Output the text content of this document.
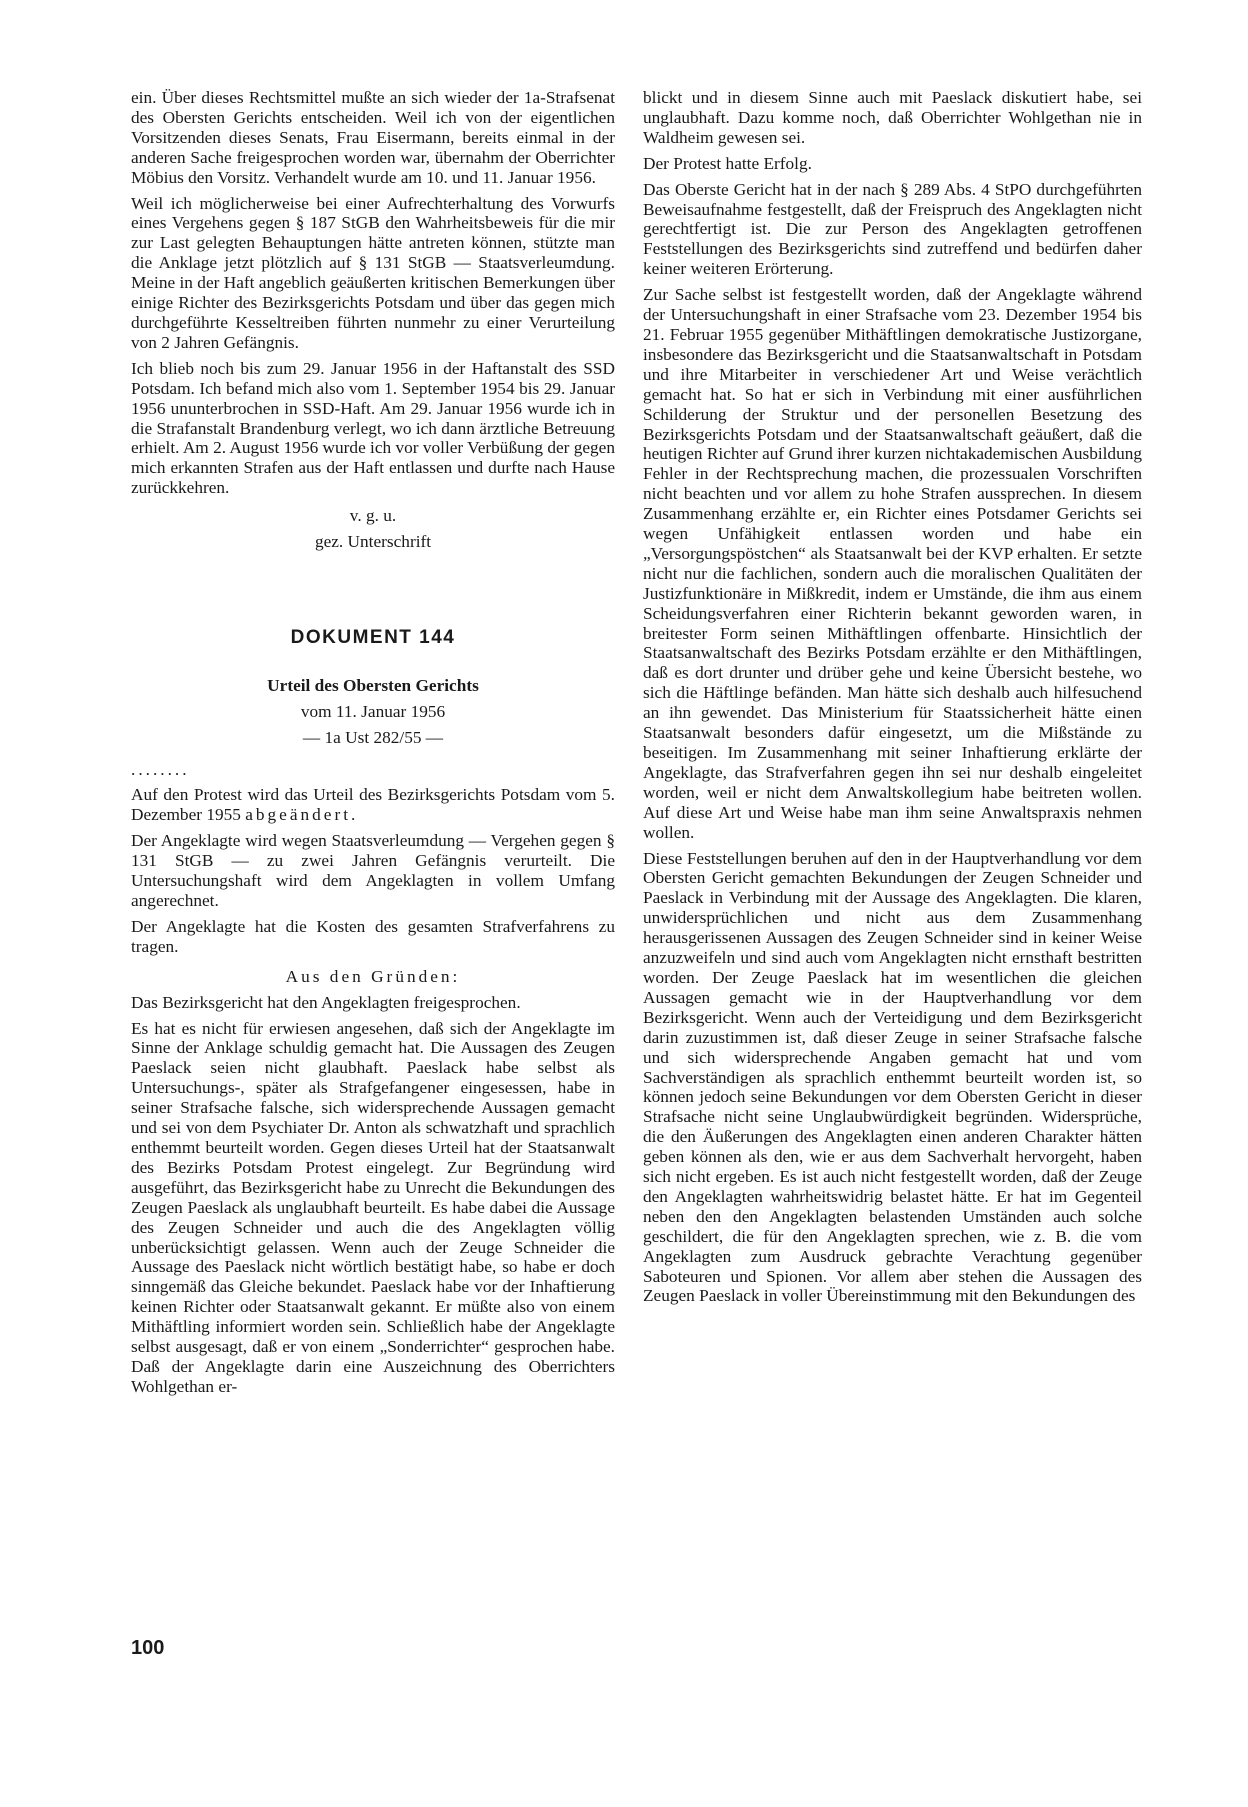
ein. Über dieses Rechtsmittel mußte an sich wieder der 1a-Strafsenat des Obersten Gerichts entscheiden. Weil ich von der eigentlichen Vorsitzenden dieses Senats, Frau Eisermann, bereits einmal in der anderen Sache freigesprochen worden war, übernahm der Oberrichter Möbius den Vorsitz. Verhandelt wurde am 10. und 11. Januar 1956.

Weil ich möglicherweise bei einer Aufrechterhaltung des Vorwurfs eines Vergehens gegen § 187 StGB den Wahrheitsbeweis für die mir zur Last gelegten Behauptungen hätte antreten können, stützte man die Anklage jetzt plötzlich auf § 131 StGB — Staatsverleumdung. Meine in der Haft angeblich geäußerten kritischen Bemerkungen über einige Richter des Bezirksgerichts Potsdam und über das gegen mich durchgeführte Kesseltreiben führten nunmehr zu einer Verurteilung von 2 Jahren Gefängnis.

Ich blieb noch bis zum 29. Januar 1956 in der Haftanstalt des SSD Potsdam. Ich befand mich also vom 1. September 1954 bis 29. Januar 1956 ununterbrochen in SSD-Haft. Am 29. Januar 1956 wurde ich in die Strafanstalt Brandenburg verlegt, wo ich dann ärztliche Betreuung erhielt. Am 2. August 1956 wurde ich vor voller Verbüßung der gegen mich erkannten Strafen aus der Haft entlassen und durfte nach Hause zurückkehren.

v. g. u.
gez. Unterschrift
DOKUMENT 144

Urteil des Obersten Gerichts

vom 11. Januar 1956

— 1a Ust 282/55 —

........

Auf den Protest wird das Urteil des Bezirksgerichts Potsdam vom 5. Dezember 1955 abgeändert.

Der Angeklagte wird wegen Staatsverleumdung — Vergehen gegen § 131 StGB — zu zwei Jahren Gefängnis verurteilt. Die Untersuchungshaft wird dem Angeklagten in vollem Umfang angerechnet.

Der Angeklagte hat die Kosten des gesamten Strafverfahrens zu tragen.

Aus den Gründen:

Das Bezirksgericht hat den Angeklagten freigesprochen.

Es hat es nicht für erwiesen angesehen, daß sich der Angeklagte im Sinne der Anklage schuldig gemacht hat. Die Aussagen des Zeugen Paeslack seien nicht glaubhaft. Paeslack habe selbst als Untersuchungs-, später als Strafgefangener eingesessen, habe in seiner Strafsache falsche, sich widersprechende Aussagen gemacht und sei von dem Psychiater Dr. Anton als schwatzhaft und sprachlich enthemmt beurteilt worden. Gegen dieses Urteil hat der Staatsanwalt des Bezirks Potsdam Protest eingelegt. Zur Begründung wird ausgeführt, das Bezirksgericht habe zu Unrecht die Bekundungen des Zeugen Paeslack als unglaubhaft beurteilt. Es habe dabei die Aussage des Zeugen Schneider und auch die des Angeklagten völlig unberücksichtigt gelassen. Wenn auch der Zeuge Schneider die Aussage des Paeslack nicht wörtlich bestätigt habe, so habe er doch sinngemäß das Gleiche bekundet. Paeslack habe vor der Inhaftierung keinen Richter oder Staatsanwalt gekannt. Er müßte also von einem Mithäftling informiert worden sein. Schließlich habe der Angeklagte selbst ausgesagt, daß er von einem „Sonderrichter“ gesprochen habe. Daß der Angeklagte darin eine Auszeichnung des Oberrichters Wohlgethan er-

blickt und in diesem Sinne auch mit Paeslack diskutiert habe, sei unglaubhaft. Dazu komme noch, daß Oberrichter Wohlgethan nie in Waldheim gewesen sei.

Der Protest hatte Erfolg.

Das Oberste Gericht hat in der nach § 289 Abs. 4 StPO durchgeführten Beweisaufnahme festgestellt, daß der Freispruch des Angeklagten nicht gerechtfertigt ist. Die zur Person des Angeklagten getroffenen Feststellungen des Bezirksgerichts sind zutreffend und bedürfen daher keiner weiteren Erörterung.

Zur Sache selbst ist festgestellt worden, daß der Angeklagte während der Untersuchungshaft in einer Strafsache vom 23. Dezember 1954 bis 21. Februar 1955 gegenüber Mithäftlingen demokratische Justizorgane, insbesondere das Bezirksgericht und die Staatsanwaltschaft in Potsdam und ihre Mitarbeiter in verschiedener Art und Weise verächtlich gemacht hat. So hat er sich in Verbindung mit einer ausführlichen Schilderung der Struktur und der personellen Besetzung des Bezirksgerichts Potsdam und der Staatsanwaltschaft geäußert, daß die heutigen Richter auf Grund ihrer kurzen nichtakademischen Ausbildung Fehler in der Rechtsprechung machen, die prozessualen Vorschriften nicht beachten und vor allem zu hohe Strafen aussprechen. In diesem Zusammenhang erzählte er, ein Richter eines Potsdamer Gerichts sei wegen Unfähigkeit entlassen worden und habe ein „Versorgungspöstchen“ als Staatsanwalt bei der KVP erhalten. Er setzte nicht nur die fachlichen, sondern auch die moralischen Qualitäten der Justizfunktionäre in Mißkredit, indem er Umstände, die ihm aus einem Scheidungsverfahren einer Richterin bekannt geworden waren, in breitester Form seinen Mithäftlingen offenbarte. Hinsichtlich der Staatsanwaltschaft des Bezirks Potsdam erzählte er den Mithäftlingen, daß es dort drunter und drüber gehe und keine Übersicht bestehe, wo sich die Häftlinge befänden. Man hätte sich deshalb auch hilfesuchend an ihn gewendet. Das Ministerium für Staatssicherheit hätte einen Staatsanwalt besonders dafür eingesetzt, um die Mißstände zu beseitigen. Im Zusammenhang mit seiner Inhaftierung erklärte der Angeklagte, das Strafverfahren gegen ihn sei nur deshalb eingeleitet worden, weil er nicht dem Anwaltskollegium habe beitreten wollen. Auf diese Art und Weise habe man ihm seine Anwaltspraxis nehmen wollen.

Diese Feststellungen beruhen auf den in der Hauptverhandlung vor dem Obersten Gericht gemachten Bekundungen der Zeugen Schneider und Paeslack in Verbindung mit der Aussage des Angeklagten. Die klaren, unwidersprüchlichen und nicht aus dem Zusammenhang herausgerissenen Aussagen des Zeugen Schneider sind in keiner Weise anzuzweifeln und sind auch vom Angeklagten nicht ernsthaft bestritten worden. Der Zeuge Paeslack hat im wesentlichen die gleichen Aussagen gemacht wie in der Hauptverhandlung vor dem Bezirksgericht. Wenn auch der Verteidigung und dem Bezirksgericht darin zuzustimmen ist, daß dieser Zeuge in seiner Strafsache falsche und sich widersprechende Angaben gemacht hat und vom Sachverständigen als sprachlich enthemmt beurteilt worden ist, so können jedoch seine Bekundungen vor dem Obersten Gericht in dieser Strafsache nicht seine Unglaubwürdigkeit begründen. Widersprüche, die den Äußerungen des Angeklagten einen anderen Charakter hätten geben können als den, wie er aus dem Sachverhalt hervorgeht, haben sich nicht ergeben. Es ist auch nicht festgestellt worden, daß der Zeuge den Angeklagten wahrheitswidrig belastet hätte. Er hat im Gegenteil neben den den Angeklagten belastenden Umständen auch solche geschildert, die für den Angeklagten sprechen, wie z. B. die vom Angeklagten zum Ausdruck gebrachte Verachtung gegenüber Saboteuren und Spionen. Vor allem aber stehen die Aussagen des Zeugen Paeslack in voller Übereinstimmung mit den Bekundungen des

100
